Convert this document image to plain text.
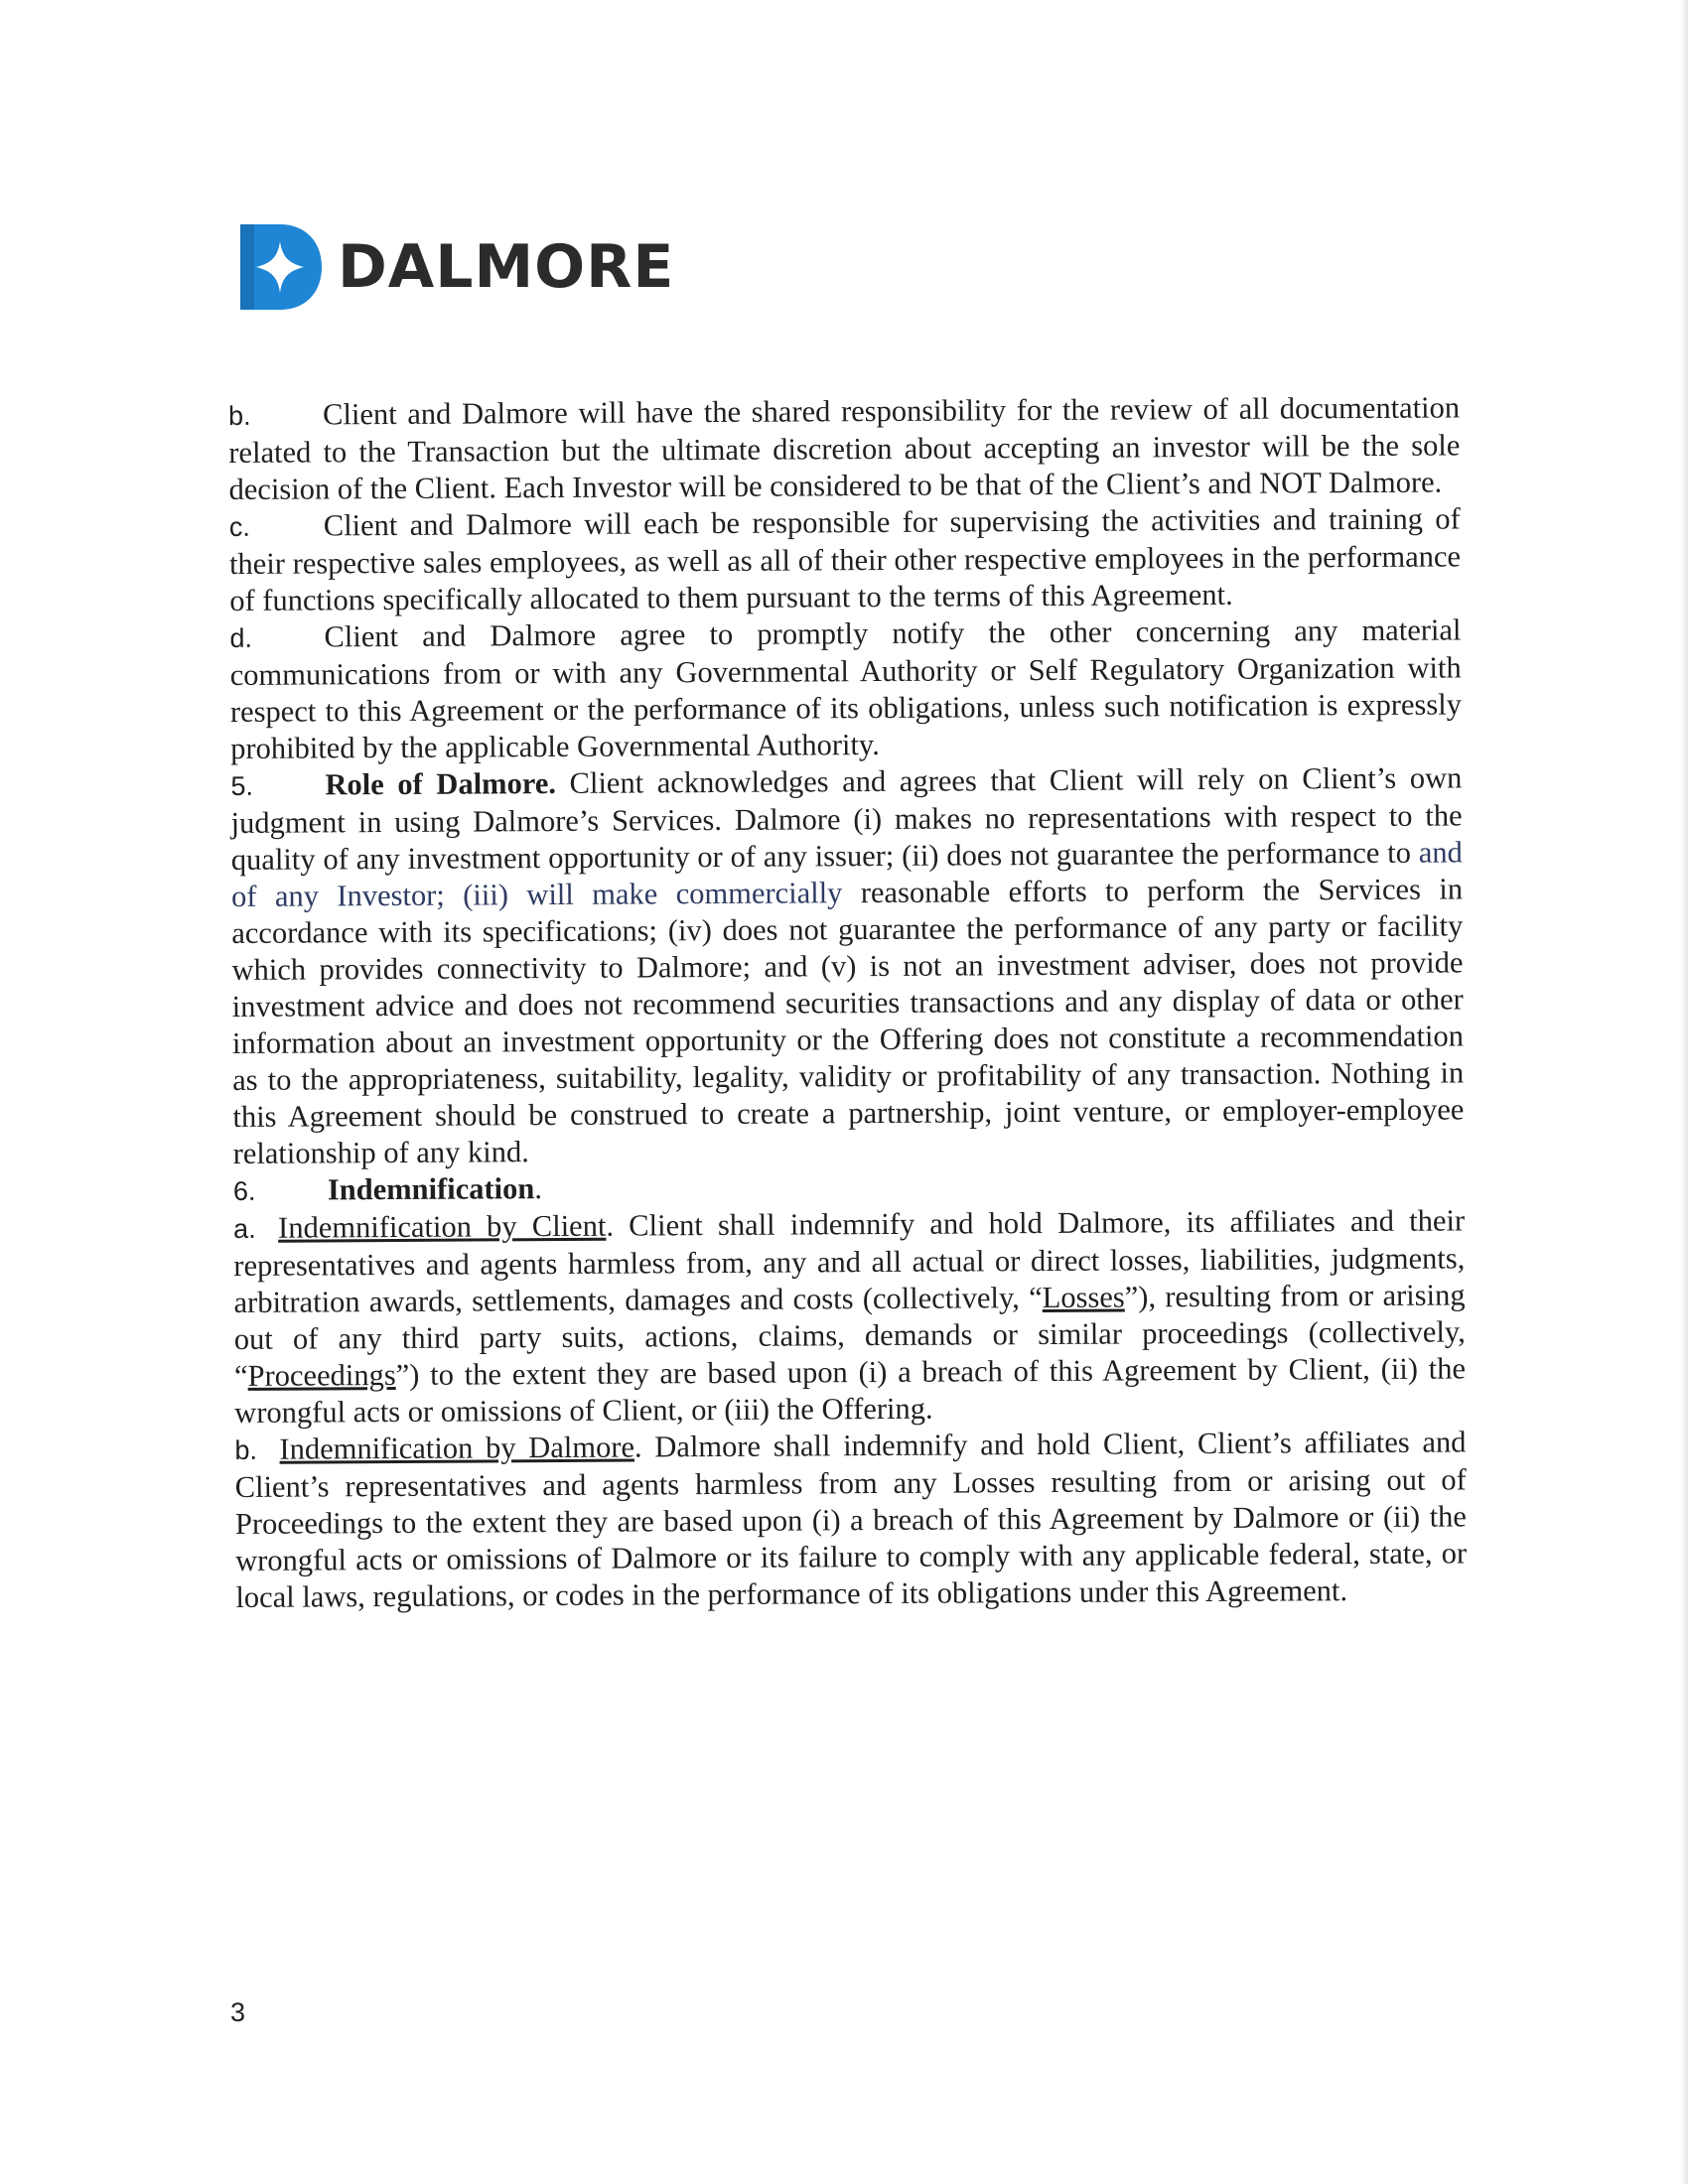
DALMORE

b. Client and Dalmore will have the shared responsibility for the review of all documentation related to the Transaction but the ultimate discretion about accepting an investor will be the sole decision of the Client. Each Investor will be considered to be that of the Client’s and NOT Dalmore.

c. Client and Dalmore will each be responsible for supervising the activities and training of their respective sales employees, as well as all of their other respective employees in the performance of functions specifically allocated to them pursuant to the terms of this Agreement.

d. Client and Dalmore agree to promptly notify the other concerning any material communications from or with any Governmental Authority or Self Regulatory Organization with respect to this Agreement or the performance of its obligations, unless such notification is expressly prohibited by the applicable Governmental Authority.

5. Role of Dalmore. Client acknowledges and agrees that Client will rely on Client’s own judgment in using Dalmore’s Services. Dalmore (i) makes no representations with respect to the quality of any investment opportunity or of any issuer; (ii) does not guarantee the performance to and of any Investor; (iii) will make commercially reasonable efforts to perform the Services in accordance with its specifications; (iv) does not guarantee the performance of any party or facility which provides connectivity to Dalmore; and (v) is not an investment adviser, does not provide investment advice and does not recommend securities transactions and any display of data or other information about an investment opportunity or the Offering does not constitute a recommendation as to the appropriateness, suitability, legality, validity or profitability of any transaction. Nothing in this Agreement should be construed to create a partnership, joint venture, or employer-employee relationship of any kind.

6. Indemnification.

a. Indemnification by Client. Client shall indemnify and hold Dalmore, its affiliates and their representatives and agents harmless from, any and all actual or direct losses, liabilities, judgments, arbitration awards, settlements, damages and costs (collectively, “Losses”), resulting from or arising out of any third party suits, actions, claims, demands or similar proceedings (collectively, “Proceedings”) to the extent they are based upon (i) a breach of this Agreement by Client, (ii) the wrongful acts or omissions of Client, or (iii) the Offering.

b. Indemnification by Dalmore. Dalmore shall indemnify and hold Client, Client’s affiliates and Client’s representatives and agents harmless from any Losses resulting from or arising out of Proceedings to the extent they are based upon (i) a breach of this Agreement by Dalmore or (ii) the wrongful acts or omissions of Dalmore or its failure to comply with any applicable federal, state, or local laws, regulations, or codes in the performance of its obligations under this Agreement.

3
